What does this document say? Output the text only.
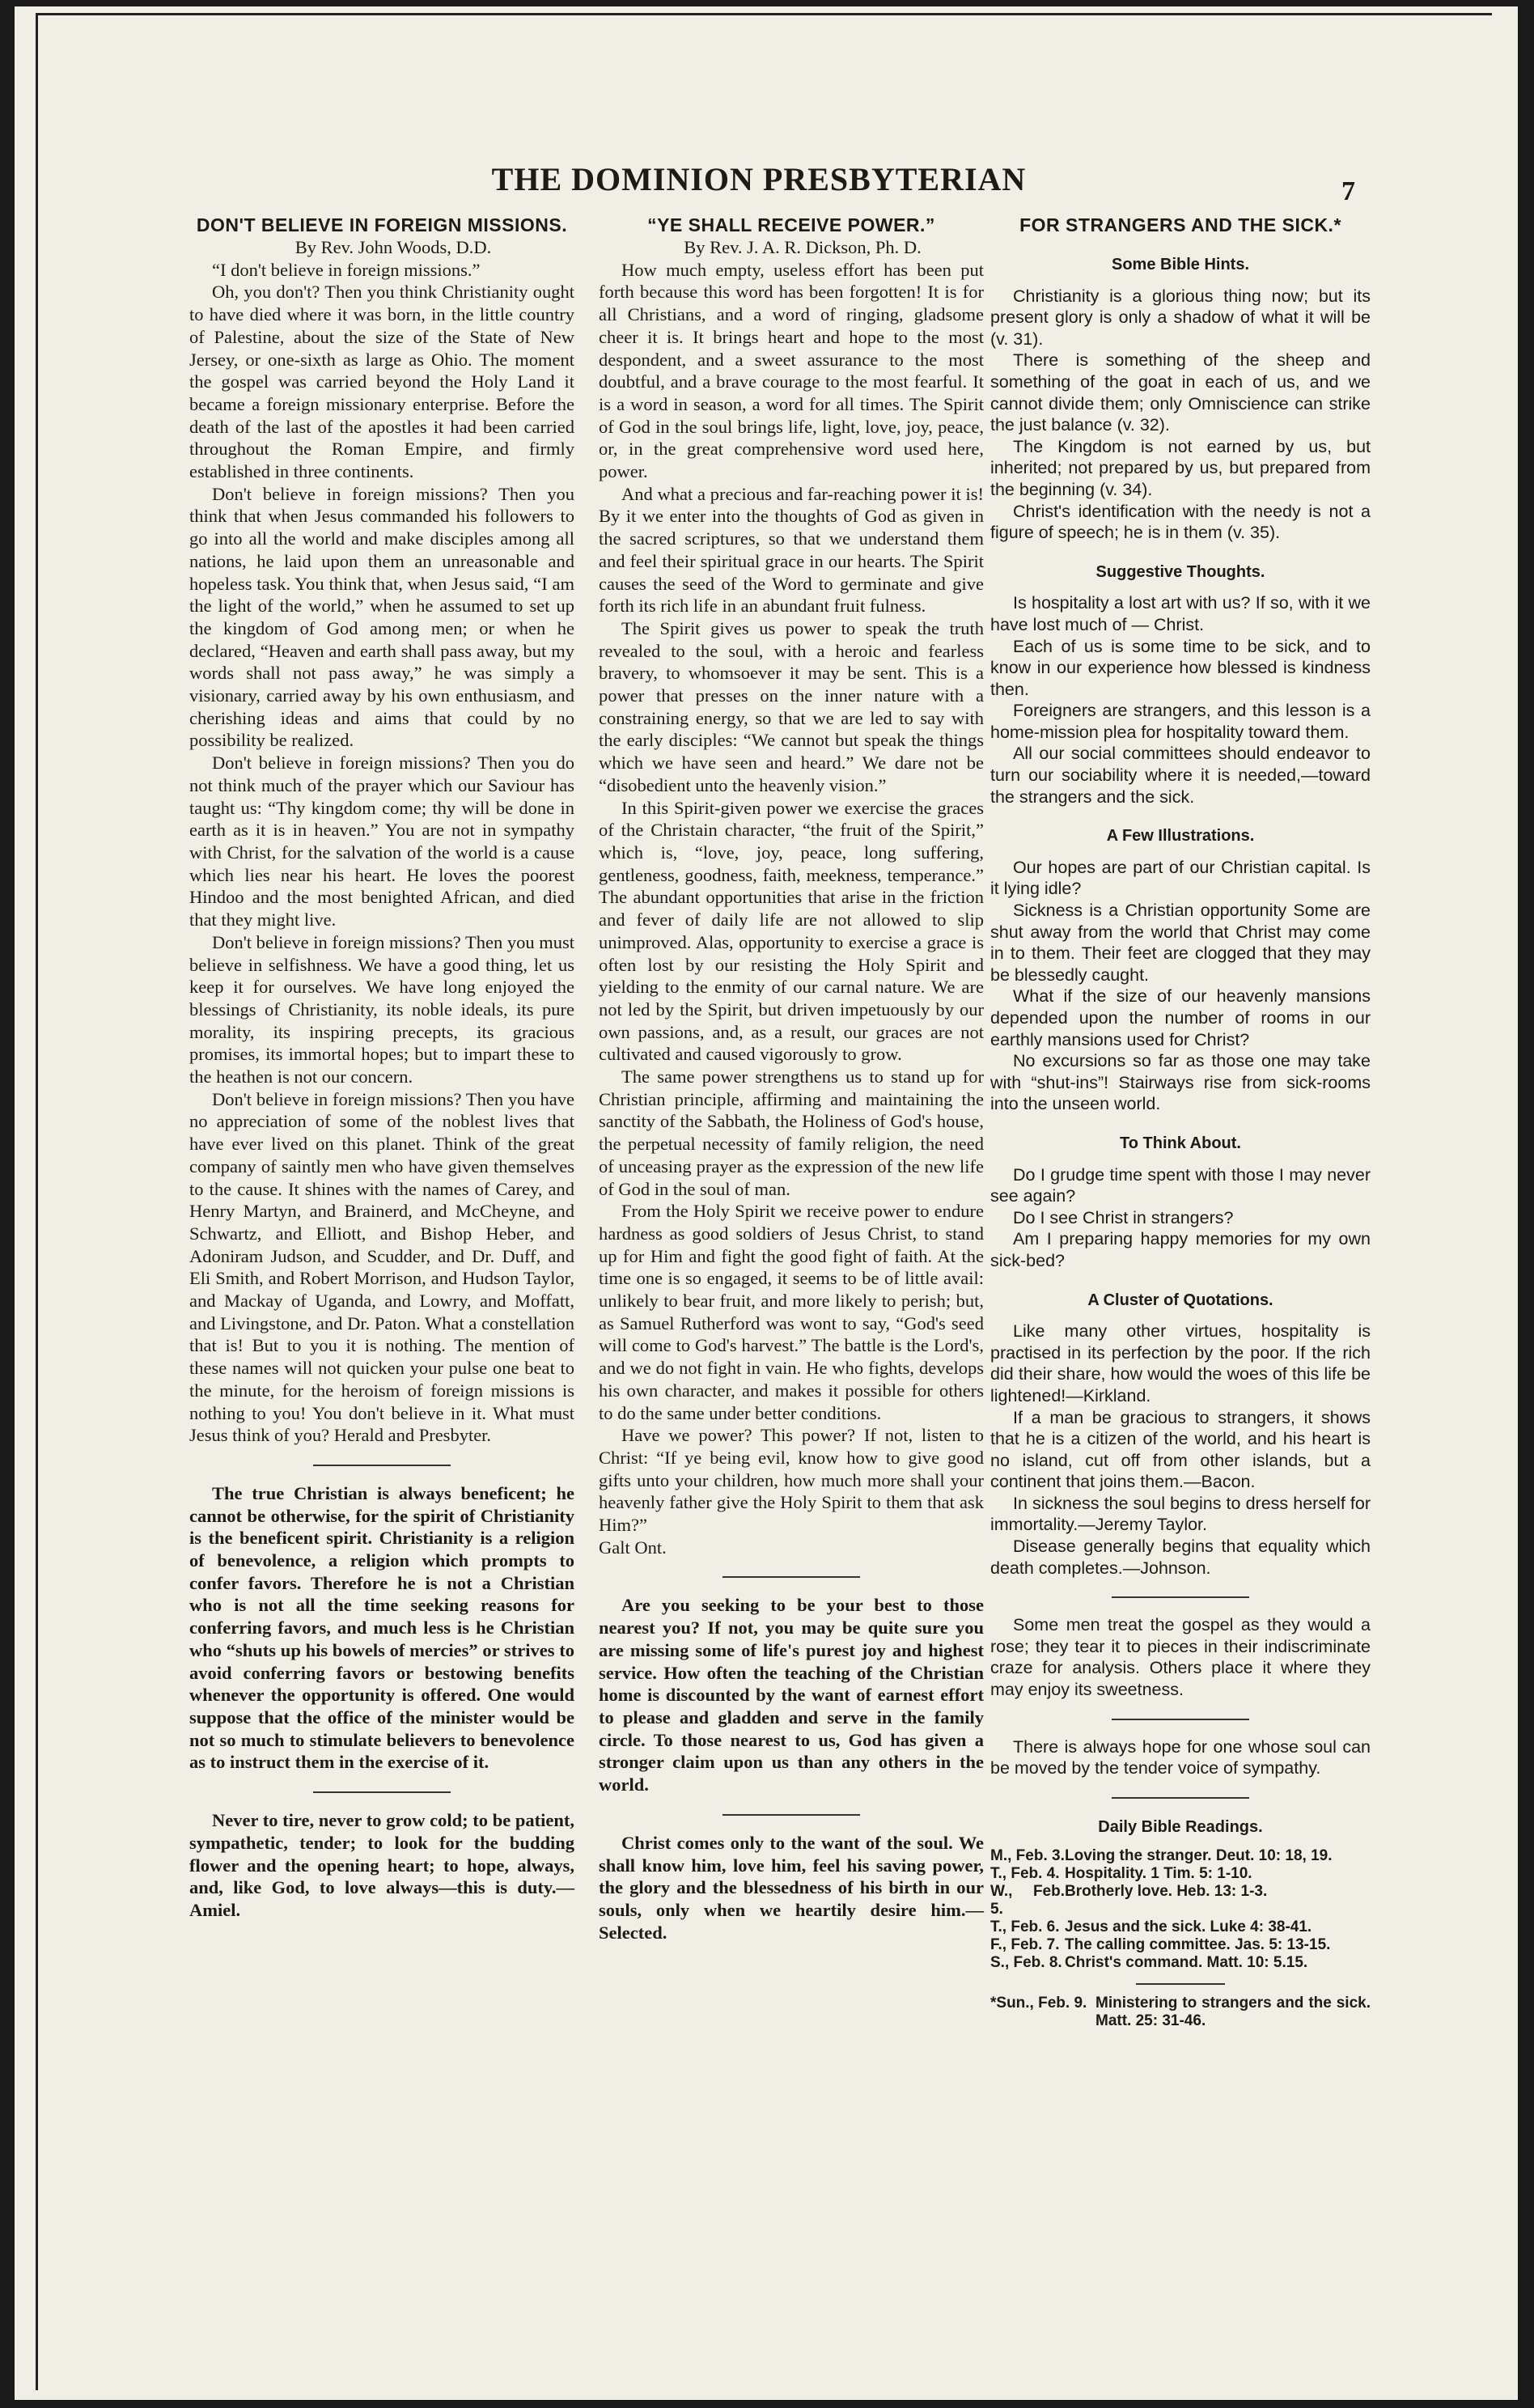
THE DOMINION PRESBYTERIAN	7
DON'T BELIEVE IN FOREIGN MISSIONS.

By Rev. John Woods, D.D.

“I don't believe in foreign missions.”

Oh, you don't? Then you think Christianity ought to have died where it was born, in the little country of Palestine, about the size of the State of New Jersey, or one-sixth as large as Ohio. The moment the gospel was carried beyond the Holy Land it became a foreign missionary enterprise. Before the death of the last of the apostles it had been carried throughout the Roman Empire, and firmly established in three continents.

Don't believe in foreign missions? Then you think that when Jesus commanded his followers to go into all the world and make disciples among all nations, he laid upon them an unreasonable and hopeless task. You think that, when Jesus said, “I am the light of the world,” when he assumed to set up the kingdom of God among men; or when he declared, “Heaven and earth shall pass away, but my words shall not pass away,” he was simply a visionary, carried away by his own enthusiasm, and cherishing ideas and aims that could by no possibility be realized.

Don't believe in foreign missions? Then you do not think much of the prayer which our Saviour has taught us: “Thy kingdom come; thy will be done in earth as it is in heaven.” You are not in sympathy with Christ, for the salvation of the world is a cause which lies near his heart. He loves the poorest Hindoo and the most benighted African, and died that they might live.

Don't believe in foreign missions? Then you must believe in selfishness. We have a good thing, let us keep it for ourselves. We have long enjoyed the blessings of Christianity, its noble ideals, its pure morality, its inspiring precepts, its gracious promises, its immortal hopes; but to impart these to the heathen is not our concern.

Don't believe in foreign missions? Then you have no appreciation of some of the noblest lives that have ever lived on this planet. Think of the great company of saintly men who have given themselves to the cause. It shines with the names of Carey, and Henry Martyn, and Brainerd, and McCheyne, and Schwartz, and Elliott, and Bishop Heber, and Adoniram Judson, and Scudder, and Dr. Duff, and Eli Smith, and Robert Morrison, and Hudson Taylor, and Mackay of Uganda, and Lowry, and Moffatt, and Livingstone, and Dr. Paton. What a constellation that is! But to you it is nothing. The mention of these names will not quicken your pulse one beat to the minute, for the heroism of foreign missions is nothing to you! You don't believe in it. What must Jesus think of you? Herald and Presbyter.

The true Christian is always beneficent; he cannot be otherwise, for the spirit of Christianity is the beneficent spirit. Christianity is a religion of benevolence, a religion which prompts to confer favors. Therefore he is not a Christian who is not all the time seeking reasons for conferring favors, and much less is he Christian who “shuts up his bowels of mercies” or strives to avoid conferring favors or bestowing benefits whenever the opportunity is offered. One would suppose that the office of the minister would be not so much to stimulate believers to benevolence as to instruct them in the exercise of it.

Never to tire, never to grow cold; to be patient, sympathetic, tender; to look for the budding flower and the opening heart; to hope, always, and, like God, to love always—this is duty.—Amiel.

“YE SHALL RECEIVE POWER.”

By Rev. J. A. R. Dickson, Ph. D.

How much empty, useless effort has been put forth because this word has been forgotten! It is for all Christians, and a word of ringing, gladsome cheer it is. It brings heart and hope to the most despondent, and a sweet assurance to the most doubtful, and a brave courage to the most fearful. It is a word in season, a word for all times. The Spirit of God in the soul brings life, light, love, joy, peace, or, in the great comprehensive word used here, power.

And what a precious and far-reaching power it is! By it we enter into the thoughts of God as given in the sacred scriptures, so that we understand them and feel their spiritual grace in our hearts. The Spirit causes the seed of the Word to germinate and give forth its rich life in an abundant fruit fulness.

The Spirit gives us power to speak the truth revealed to the soul, with a heroic and fearless bravery, to whomsoever it may be sent. This is a power that presses on the inner nature with a constraining energy, so that we are led to say with the early disciples: “We cannot but speak the things which we have seen and heard.” We dare not be “disobedient unto the heavenly vision.”

In this Spirit-given power we exercise the graces of the Christain character, “the fruit of the Spirit,” which is, “love, joy, peace, long suffering, gentleness, goodness, faith, meekness, temperance.” The abundant opportunities that arise in the friction and fever of daily life are not allowed to slip unimproved. Alas, opportunity to exercise a grace is often lost by our resisting the Holy Spirit and yielding to the enmity of our carnal nature. We are not led by the Spirit, but driven impetuously by our own passions, and, as a result, our graces are not cultivated and caused vigorously to grow.

The same power strengthens us to stand up for Christian principle, affirming and maintaining the sanctity of the Sabbath, the Holiness of God's house, the perpetual necessity of family religion, the need of unceasing prayer as the expression of the new life of God in the soul of man.

From the Holy Spirit we receive power to endure hardness as good soldiers of Jesus Christ, to stand up for Him and fight the good fight of faith. At the time one is so engaged, it seems to be of little avail: unlikely to bear fruit, and more likely to perish; but, as Samuel Rutherford was wont to say, “God's seed will come to God's harvest.” The battle is the Lord's, and we do not fight in vain. He who fights, develops his own character, and makes it possible for others to do the same under better conditions.

Have we power? This power? If not, listen to Christ: “If ye being evil, know how to give good gifts unto your children, how much more shall your heavenly father give the Holy Spirit to them that ask Him?”

Galt Ont.

Are you seeking to be your best to those nearest you? If not, you may be quite sure you are missing some of life's purest joy and highest service. How often the teaching of the Christian home is discounted by the want of earnest effort to please and gladden and serve in the family circle. To those nearest to us, God has given a stronger claim upon us than any others in the world.

Christ comes only to the want of the soul. We shall know him, love him, feel his saving power, the glory and the blessedness of his birth in our souls, only when we heartily desire him.—Selected.

FOR STRANGERS AND THE SICK.*
Some Bible Hints.

Christianity is a glorious thing now; but its present glory is only a shadow of what it will be (v. 31).

There is something of the sheep and something of the goat in each of us, and we cannot divide them; only Omniscience can strike the just balance (v. 32).

The Kingdom is not earned by us, but inherited; not prepared by us, but prepared from the beginning (v. 34).

Christ's identification with the needy is not a figure of speech; he is in them (v. 35).

Suggestive Thoughts.

Is hospitality a lost art with us? If so, with it we have lost much of — Christ.

Each of us is some time to be sick, and to know in our experience how blessed is kindness then.

Foreigners are strangers, and this lesson is a home-mission plea for hospitality toward them.

All our social committees should endeavor to turn our sociability where it is needed,—toward the strangers and the sick.

A Few Illustrations.

Our hopes are part of our Christian capital. Is it lying idle?

Sickness is a Christian opportunity Some are shut away from the world that Christ may come in to them. Their feet are clogged that they may be blessedly caught.

What if the size of our heavenly mansions depended upon the number of rooms in our earthly mansions used for Christ?

No excursions so far as those one may take with “shut-ins”! Stairways rise from sick-rooms into the unseen world.

To Think About.

Do I grudge time spent with those I may never see again?

Do I see Christ in strangers?

Am I preparing happy memories for my own sick-bed?

A Cluster of Quotations.

Like many other virtues, hospitality is practised in its perfection by the poor. If the rich did their share, how would the woes of this life be lightened!—Kirkland.

If a man be gracious to strangers, it shows that he is a citizen of the world, and his heart is no island, cut off from other islands, but a continent that joins them.—Bacon.

In sickness the soul begins to dress herself for immortality.—Jeremy Taylor.

Disease generally begins that equality which death completes.—Johnson.

Some men treat the gospel as they would a rose; they tear it to pieces in their indiscriminate craze for analysis. Others place it where they may enjoy its sweetness.

There is always hope for one whose soul can be moved by the tender voice of sympathy.

Daily Bible Readings.
M., Feb. 3. Loving the stranger. Deut. 10: 18, 19.
T., Feb. 4. Hospitality. 1 Tim. 5: 1-10.
W., Feb. 5.
Brotherly love. Heb. 13: 1-3.
T., Feb. 6. Jesus and the sick. Luke 4: 38-41.
F., Feb. 7. The calling committee. Jas. 5: 13-15.
S., Feb. 8. Christ's command. Matt. 10: 5.15.
*Sun., Feb. 9. Ministering to strangers and the sick. Matt. 25: 31-46.
